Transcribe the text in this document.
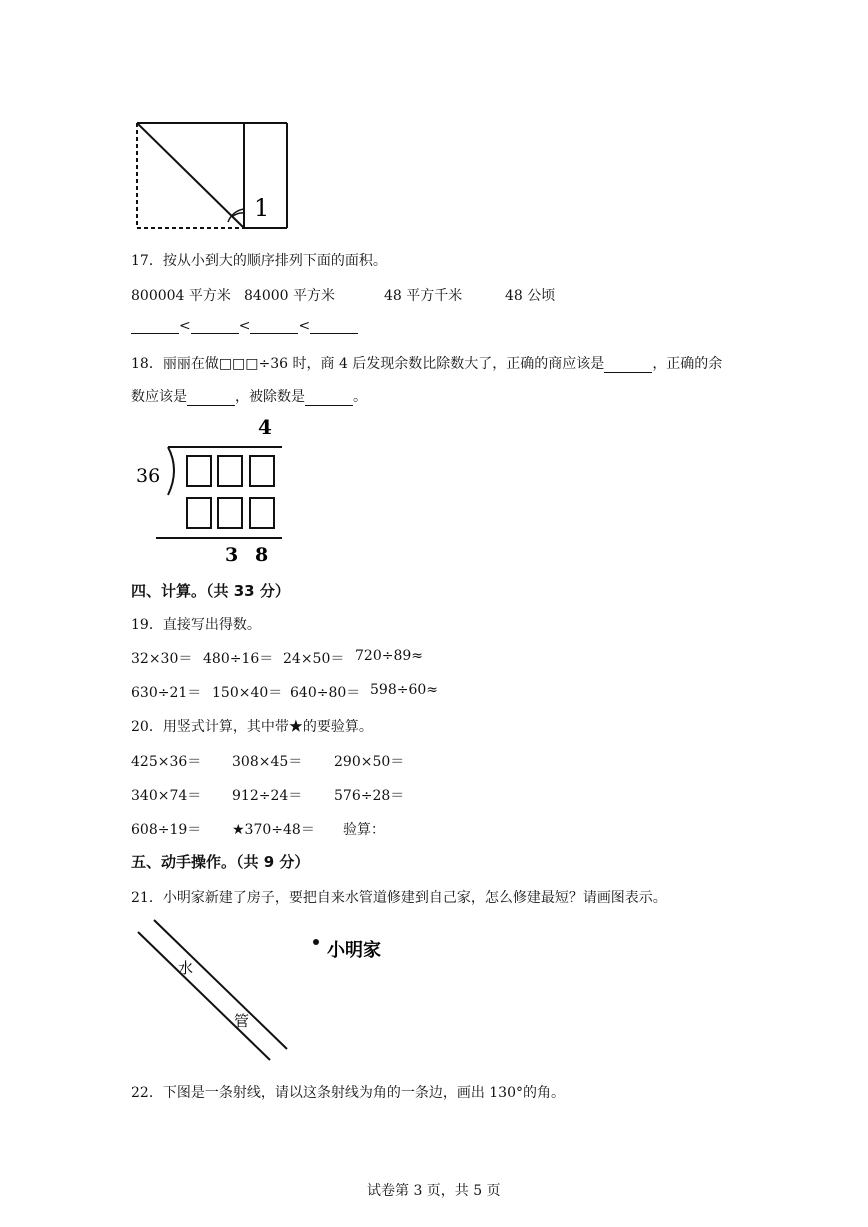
1
17．按从小到大的顺序排列下面的面积。
800004 平方米 84000 平方米	48 平方千米	48 公顷
<	<	<
18．丽丽在做□□□÷36 时，商 4 后发现余数比除数大了，正确的商应该是	，正确的余
数应该是	，被除数是	。
4
36
3 8
四、计算。（共 33 分）
19．直接写出得数。
32×30＝ 480÷16＝ 24×50＝ 720÷89≈
630÷21＝ 150×40＝ 640÷80＝ 598÷60≈
20．用竖式计算，其中带★的要验算。
425×36＝ 308×45＝ 290×50＝
340×74＝ 912÷24＝ 576÷28＝
608÷19＝ ★370÷48＝ 验算：
五、动手操作。（共 9 分）
21．小明家新建了房子，要把自来水管道修建到自己家，怎么修建最短？请画图表示。
水
管
小明家
22．下图是一条射线，请以这条射线为角的一条边，画出 130°的角。
试卷第 3 页，共 5 页
